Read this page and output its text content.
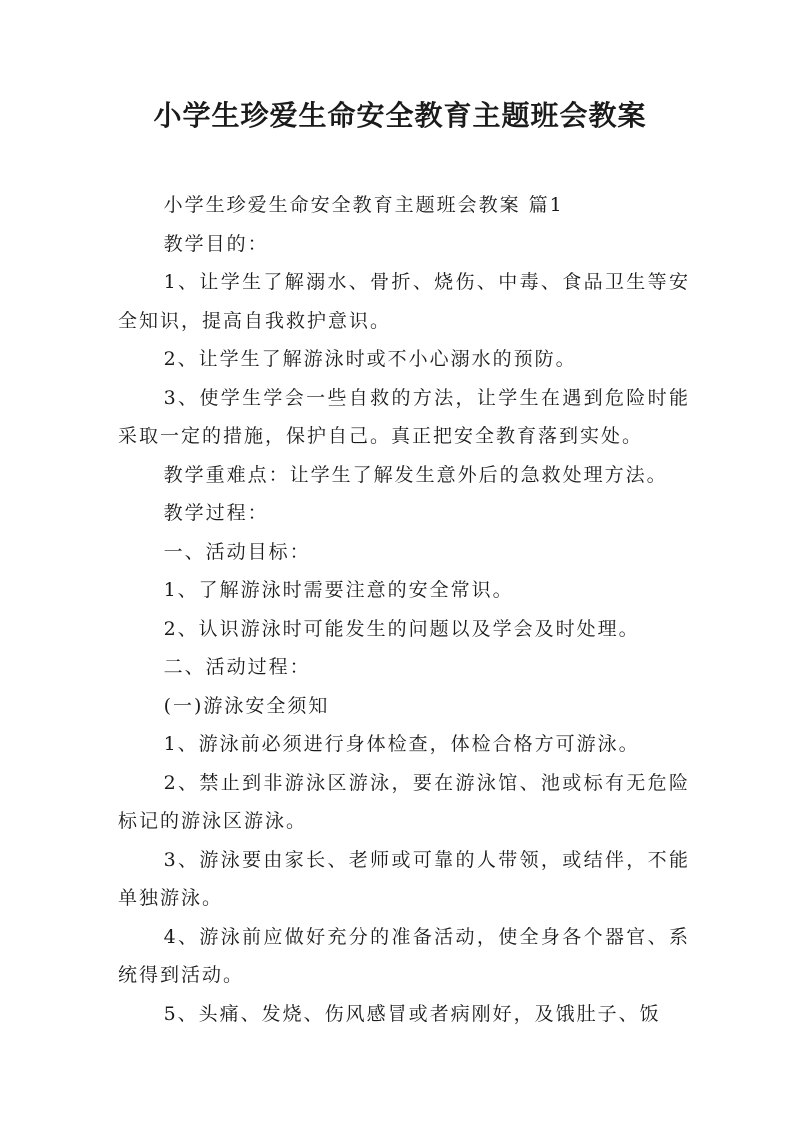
小学生珍爱生命安全教育主题班会教案

小学生珍爱生命安全教育主题班会教案 篇1

教学目的：

1、让学生了解溺水、骨折、烧伤、中毒、食品卫生等安全知识，提高自我救护意识。

2、让学生了解游泳时或不小心溺水的预防。

3、使学生学会一些自救的方法，让学生在遇到危险时能采取一定的措施，保护自己。真正把安全教育落到实处。

教学重难点：让学生了解发生意外后的急救处理方法。

教学过程：

一、活动目标：

1、了解游泳时需要注意的安全常识。

2、认识游泳时可能发生的问题以及学会及时处理。

二、活动过程：

(一)游泳安全须知

1、游泳前必须进行身体检查，体检合格方可游泳。

2、禁止到非游泳区游泳，要在游泳馆、池或标有无危险标记的游泳区游泳。

3、游泳要由家长、老师或可靠的人带领，或结伴，不能单独游泳。

4、游泳前应做好充分的准备活动，使全身各个器官、系统得到活动。

5、头痛、发烧、伤风感冒或者病刚好，及饿肚子、饭
